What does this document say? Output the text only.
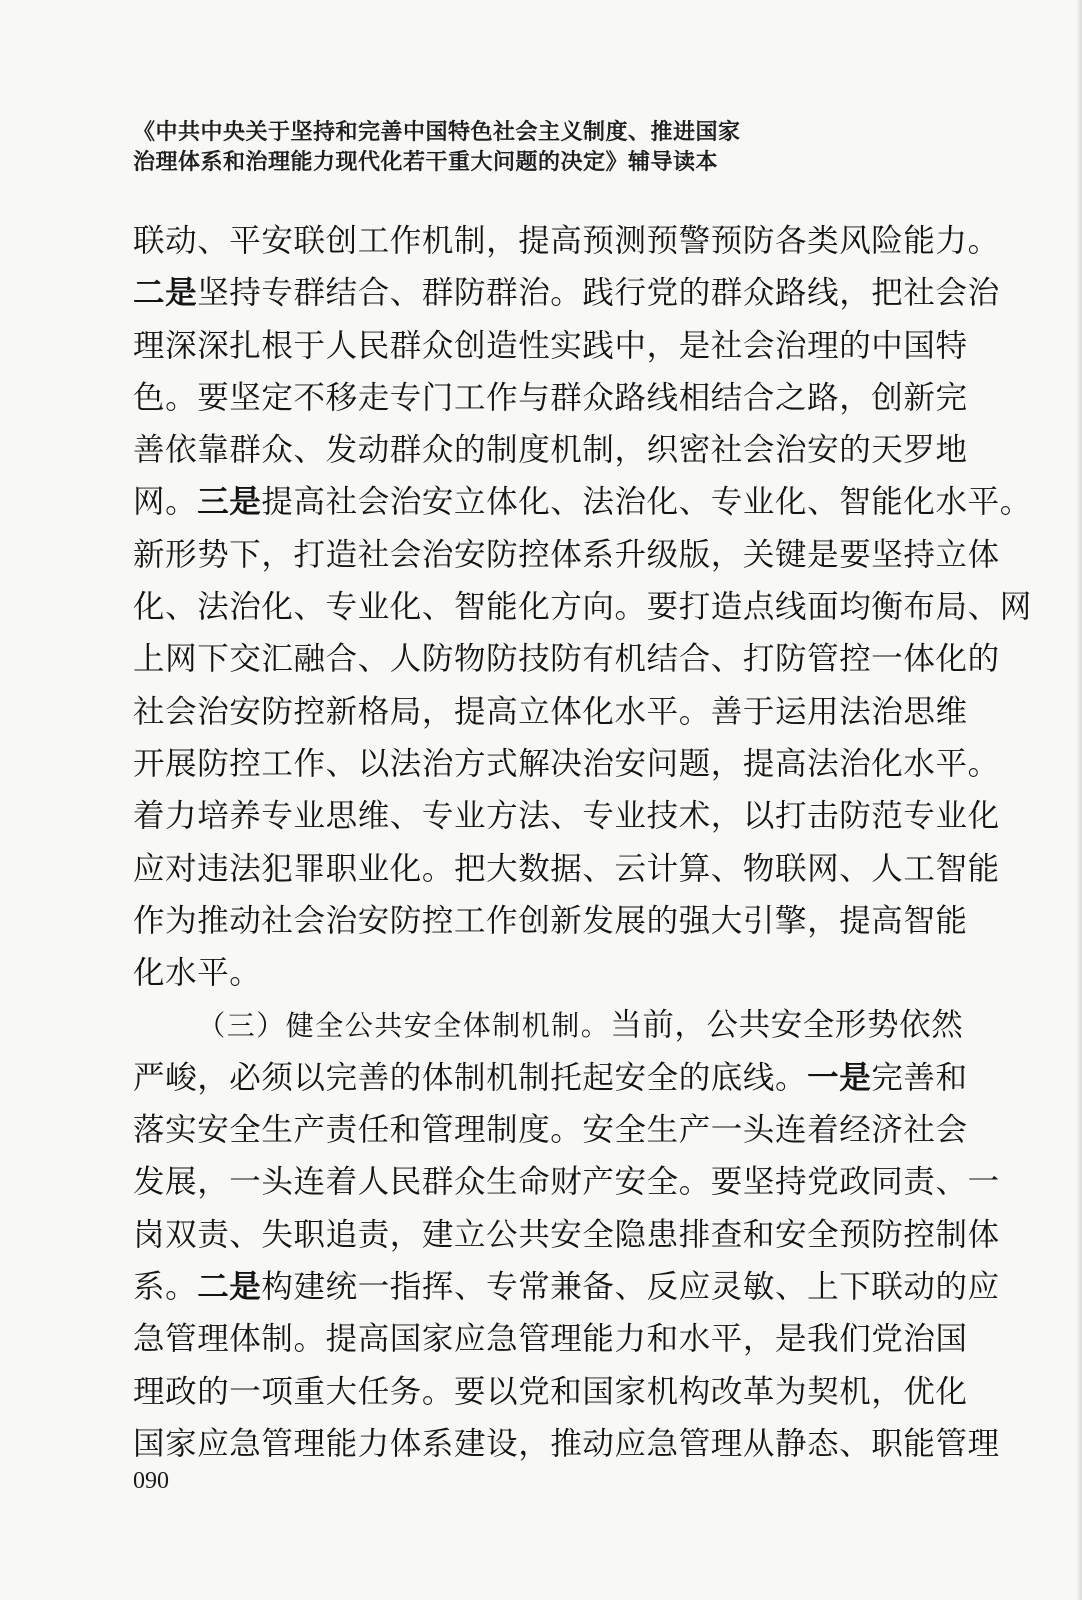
《中共中央关于坚持和完善中国特色社会主义制度、推进国家
治理体系和治理能力现代化若干重大问题的决定》辅导读本
联动、平安联创工作机制，提高预测预警预防各类风险能力。
二是坚持专群结合、群防群治。践行党的群众路线，把社会治
理深深扎根于人民群众创造性实践中，是社会治理的中国特
色。要坚定不移走专门工作与群众路线相结合之路，创新完
善依靠群众、发动群众的制度机制，织密社会治安的天罗地
网。三是提高社会治安立体化、法治化、专业化、智能化水平。
新形势下，打造社会治安防控体系升级版，关键是要坚持立体
化、法治化、专业化、智能化方向。要打造点线面均衡布局、网
上网下交汇融合、人防物防技防有机结合、打防管控一体化的
社会治安防控新格局，提高立体化水平。善于运用法治思维
开展防控工作、以法治方式解决治安问题，提高法治化水平。
着力培养专业思维、专业方法、专业技术，以打击防范专业化
应对违法犯罪职业化。把大数据、云计算、物联网、人工智能
作为推动社会治安防控工作创新发展的强大引擎，提高智能
化水平。
  （三）健全公共安全体制机制。当前，公共安全形势依然
严峻，必须以完善的体制机制托起安全的底线。一是完善和
落实安全生产责任和管理制度。安全生产一头连着经济社会
发展，一头连着人民群众生命财产安全。要坚持党政同责、一
岗双责、失职追责，建立公共安全隐患排查和安全预防控制体
系。二是构建统一指挥、专常兼备、反应灵敏、上下联动的应
急管理体制。提高国家应急管理能力和水平，是我们党治国
理政的一项重大任务。要以党和国家机构改革为契机，优化
国家应急管理能力体系建设，推动应急管理从静态、职能管理
090
